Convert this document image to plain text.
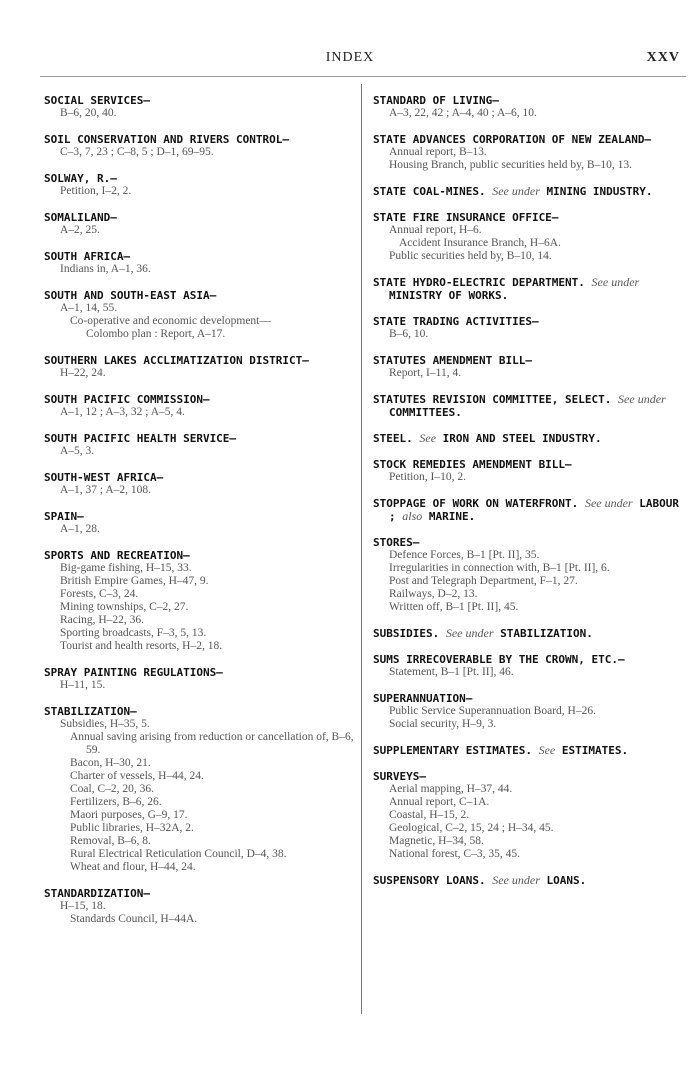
INDEX	XXV
SOCIAL SERVICES—
B–6, 20, 40.
SOIL CONSERVATION AND RIVERS CONTROL—
C–3, 7, 23 ; C–8, 5 ; D–1, 69–95.
SOLWAY, R.—
Petition, I–2, 2.
SOMALILAND—
A–2, 25.
SOUTH AFRICA—
Indians in, A–1, 36.
SOUTH AND SOUTH-EAST ASIA—
A–1, 14, 55.
Co-operative and economic development—
Colombo plan : Report, A–17.
SOUTHERN LAKES ACCLIMATIZATION DISTRICT—
H–22, 24.
SOUTH PACIFIC COMMISSION—
A–1, 12 ; A–3, 32 ; A–5, 4.
SOUTH PACIFIC HEALTH SERVICE—
A–5, 3.
SOUTH-WEST AFRICA—
A–1, 37 ; A–2, 108.
SPAIN—
A–1, 28.
SPORTS AND RECREATION—
Big-game fishing, H–15, 33.
British Empire Games, H–47, 9.
Forests, C–3, 24.
Mining townships, C–2, 27.
Racing, H–22, 36.
Sporting broadcasts, F–3, 5, 13.
Tourist and health resorts, H–2, 18.
SPRAY PAINTING REGULATIONS—
H–11, 15.
STABILIZATION—
Subsidies, H–35, 5.
Annual saving arising from reduction or cancellation of, B–6, 59.
Bacon, H–30, 21.
Charter of vessels, H–44, 24.
Coal, C–2, 20, 36.
Fertilizers, B–6, 26.
Maori purposes, G–9, 17.
Public libraries, H–32A, 2.
Removal, B–6, 8.
Rural Electrical Reticulation Council, D–4, 38.
Wheat and flour, H–44, 24.
STANDARDIZATION—
H–15, 18.
Standards Council, H–44A.
STANDARD OF LIVING—
A–3, 22, 42 ; A–4, 40 ; A–6, 10.
STATE ADVANCES CORPORATION OF NEW ZEALAND—
Annual report, B–13.
Housing Branch, public securities held by, B–10, 13.
STATE COAL-MINES. See under MINING INDUSTRY.
STATE FIRE INSURANCE OFFICE—
Annual report, H–6.
Accident Insurance Branch, H–6A.
Public securities held by, B–10, 14.
STATE HYDRO-ELECTRIC DEPARTMENT. See under MINISTRY OF WORKS.
STATE TRADING ACTIVITIES—
B–6, 10.
STATUTES AMENDMENT BILL—
Report, I–11, 4.
STATUTES REVISION COMMITTEE, SELECT. See under COMMITTEES.
STEEL. See IRON AND STEEL INDUSTRY.
STOCK REMEDIES AMENDMENT BILL—
Petition, I–10, 2.
STOPPAGE OF WORK ON WATERFRONT. See under LABOUR ; also MARINE.
STORES—
Defence Forces, B–1 [Pt. II], 35.
Irregularities in connection with, B–1 [Pt. II], 6.
Post and Telegraph Department, F–1, 27.
Railways, D–2, 13.
Written off, B–1 [Pt. II], 45.
SUBSIDIES. See under STABILIZATION.
SUMS IRRECOVERABLE BY THE CROWN, ETC.—
Statement, B–1 [Pt. II], 46.
SUPERANNUATION—
Public Service Superannuation Board, H–26.
Social security, H–9, 3.
SUPPLEMENTARY ESTIMATES. See ESTIMATES.
SURVEYS—
Aerial mapping, H–37, 44.
Annual report, C–1A.
Coastal, H–15, 2.
Geological, C–2, 15, 24 ; H–34, 45.
Magnetic, H–34, 58.
National forest, C–3, 35, 45.
SUSPENSORY LOANS. See under LOANS.
